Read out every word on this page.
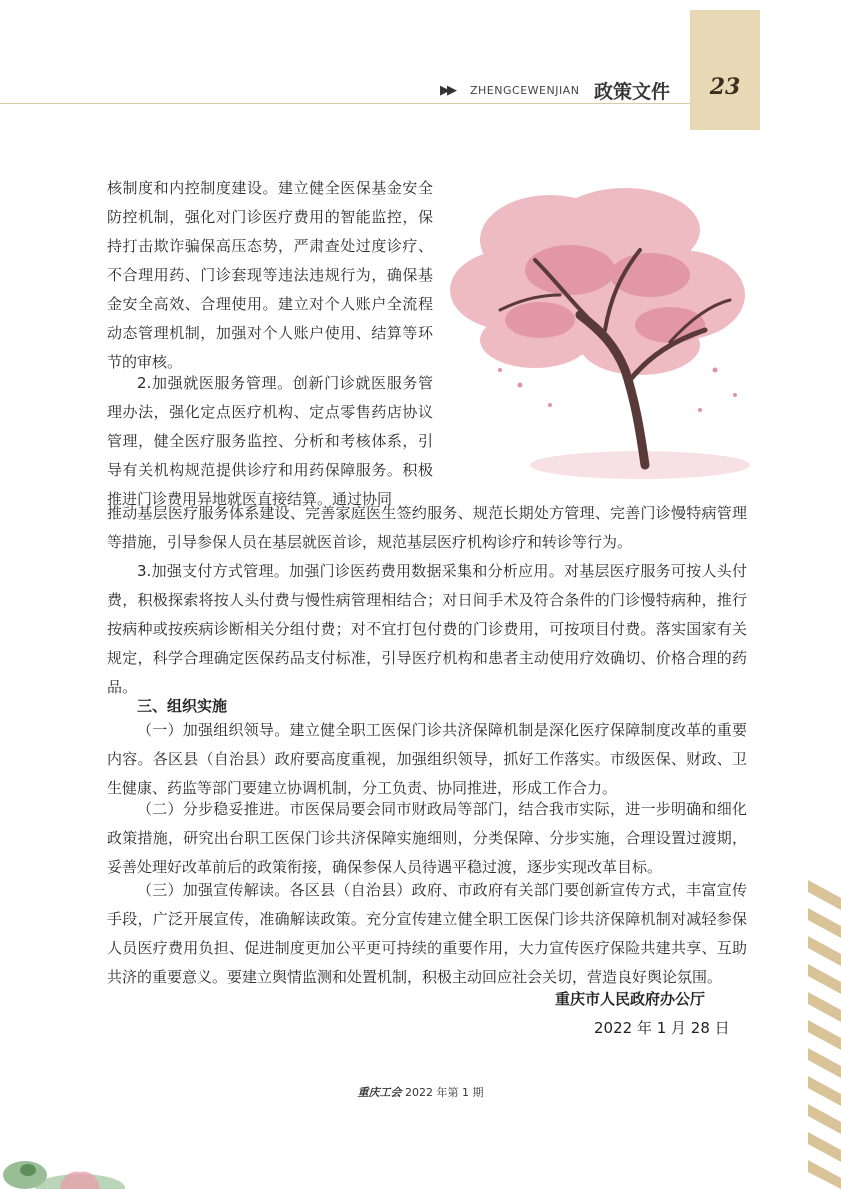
23
▶▶ ZHENGCEWENJIAN 政策文件

核制度和内控制度建设。建立健全医保基金安全防控机制，强化对门诊医疗费用的智能监控，保持打击欺诈骗保高压态势，严肃查处过度诊疗、不合理用药、门诊套现等违法违规行为，确保基金安全高效、合理使用。建立对个人账户全流程动态管理机制，加强对个人账户使用、结算等环节的审核。

2.加强就医服务管理。创新门诊就医服务管理办法，强化定点医疗机构、定点零售药店协议管理，健全医疗服务监控、分析和考核体系，引导有关机构规范提供诊疗和用药保障服务。积极推进门诊费用异地就医直接结算。通过协同

推动基层医疗服务体系建设、完善家庭医生签约服务、规范长期处方管理、完善门诊慢特病管理等措施，引导参保人员在基层就医首诊，规范基层医疗机构诊疗和转诊等行为。

3.加强支付方式管理。加强门诊医药费用数据采集和分析应用。对基层医疗服务可按人头付费，积极探索将按人头付费与慢性病管理相结合；对日间手术及符合条件的门诊慢特病种，推行按病种或按疾病诊断相关分组付费；对不宜打包付费的门诊费用，可按项目付费。落实国家有关规定，科学合理确定医保药品支付标准，引导医疗机构和患者主动使用疗效确切、价格合理的药品。

三、组织实施

（一）加强组织领导。建立健全职工医保门诊共济保障机制是深化医疗保障制度改革的重要内容。各区县（自治县）政府要高度重视，加强组织领导，抓好工作落实。市级医保、财政、卫生健康、药监等部门要建立协调机制，分工负责、协同推进，形成工作合力。

（二）分步稳妥推进。市医保局要会同市财政局等部门，结合我市实际，进一步明确和细化政策措施，研究出台职工医保门诊共济保障实施细则，分类保障、分步实施，合理设置过渡期，妥善处理好改革前后的政策衔接，确保参保人员待遇平稳过渡，逐步实现改革目标。

（三）加强宣传解读。各区县（自治县）政府、市政府有关部门要创新宣传方式，丰富宣传手段，广泛开展宣传，准确解读政策。充分宣传建立健全职工医保门诊共济保障机制对减轻参保人员医疗费用负担、促进制度更加公平更可持续的重要作用，大力宣传医疗保险共建共享、互助共济的重要意义。要建立舆情监测和处置机制，积极主动回应社会关切，营造良好舆论氛围。

重庆市人民政府办公厅
2022 年 1 月 28 日
重庆工会 2022 年第 1 期
